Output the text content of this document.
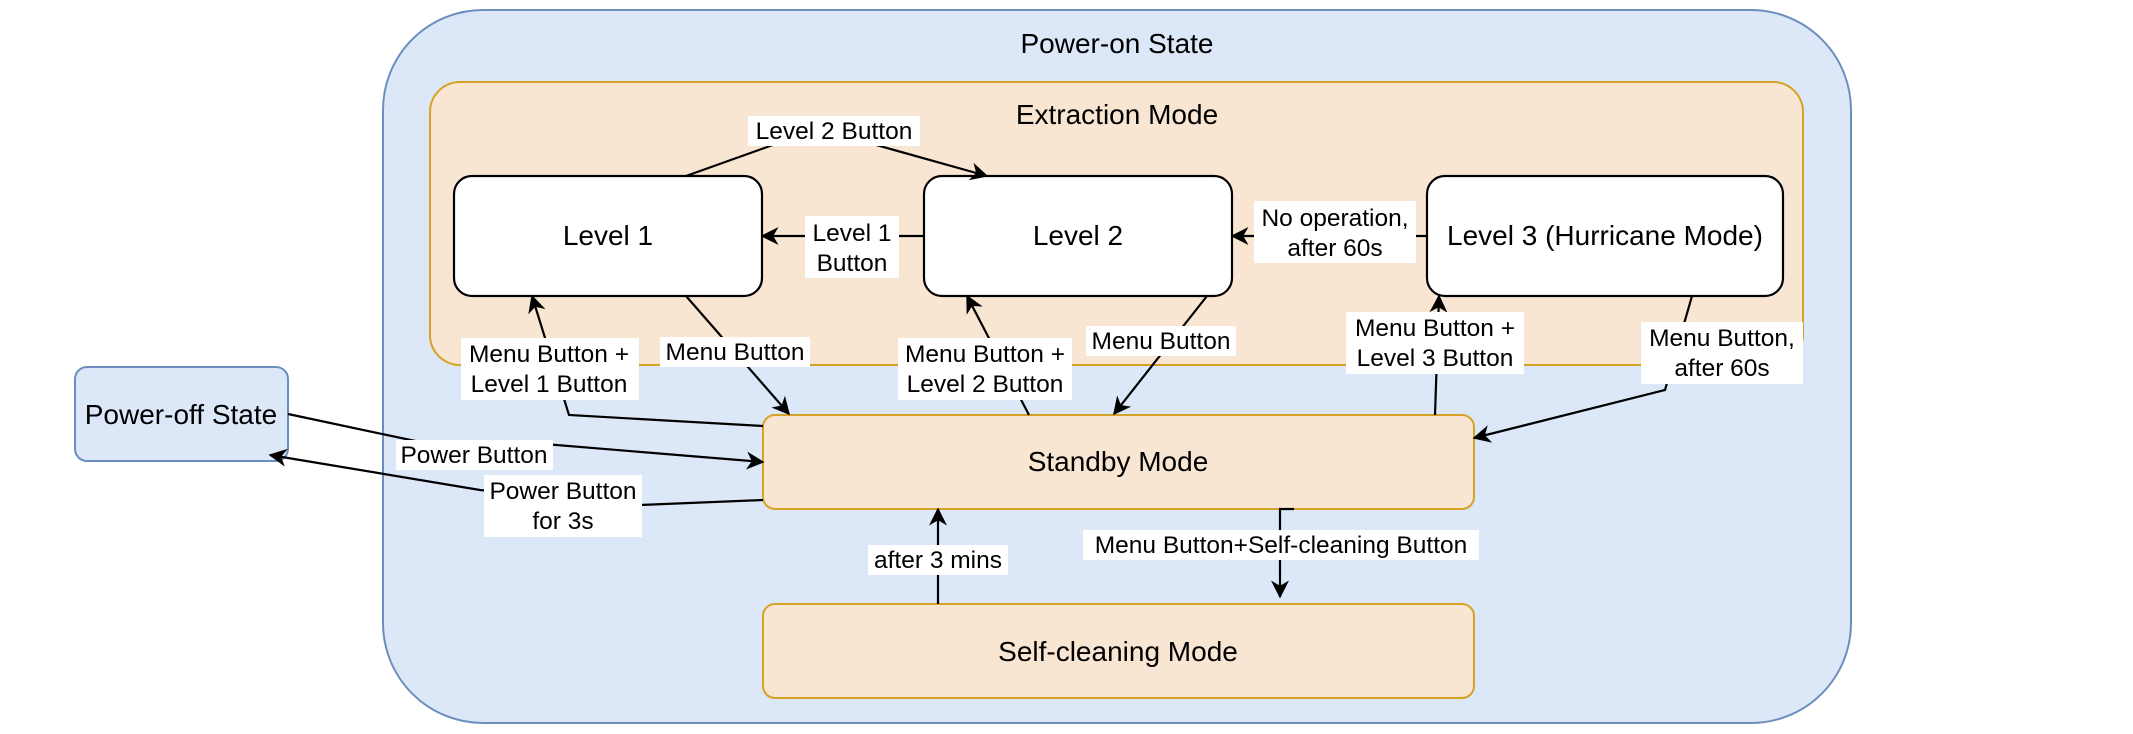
Power-on State
Extraction Mode
Level 1	Level 2	Level 3 (Hurricane Mode)
Power-off State
Standby Mode
Self-cleaning Mode
Level 2 Button
Level 1
Button
No operation,
after 60s
Menu Button +
Level 1 Button
Menu Button	Menu Button +
Level 2 Button
Menu Button	Menu Button +
Level 3 Button
Menu Button,
after 60s
Power Button
Power Button
for 3s
after 3 mins
Menu Button+Self-cleaning Button
